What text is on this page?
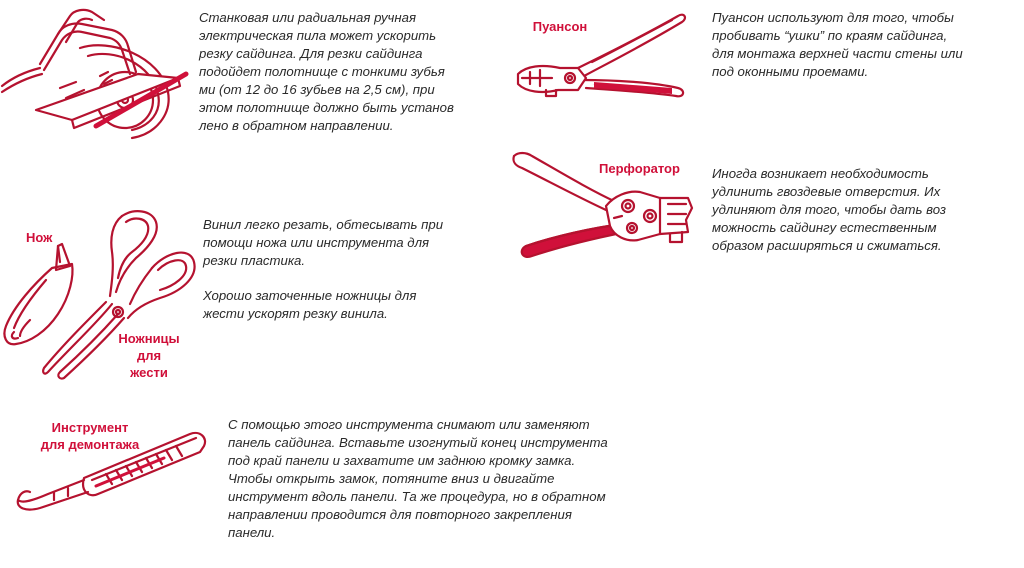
Станковая или радиальная ручная

электрическая пила может ускорить

резку сайдинга. Для резки сайдинга

подойдет полотнище с тонкими зубья

ми (от 12 до 16 зубьев на 2,5 см), при

этом полотнище должно быть установ

лено в обратном направлении.

Пуансон

Пуансон используют для того, чтобы

пробивать “ушки” по краям сайдинга,

для монтажа верхней части стены или

под оконными проемами.

Перфоратор	Иногда возникает необходимость

удлинить гвоздевые отверстия. Их

удлиняют для того, чтобы дать воз

можность сайдингу естественным

образом расширяться и сжиматься.

Нож
Ножницы
для
жести

Винил легко резать, обтесывать при

помощи ножа или инструмента для

резки пластика.

Хорошо заточенные ножницы для

жести ускорят резку винила.

Инструмент
для демонтажа

С помощью этого инструмента снимают или заменяют

панель сайдинга. Вставьте изогнутый конец инструмента

под край панели и захватите им заднюю кромку замка.

Чтобы открыть замок, потяните вниз и двигайте

инструмент вдоль панели. Та же процедура, но в обратном

направлении проводится для повторного закрепления

панели.
